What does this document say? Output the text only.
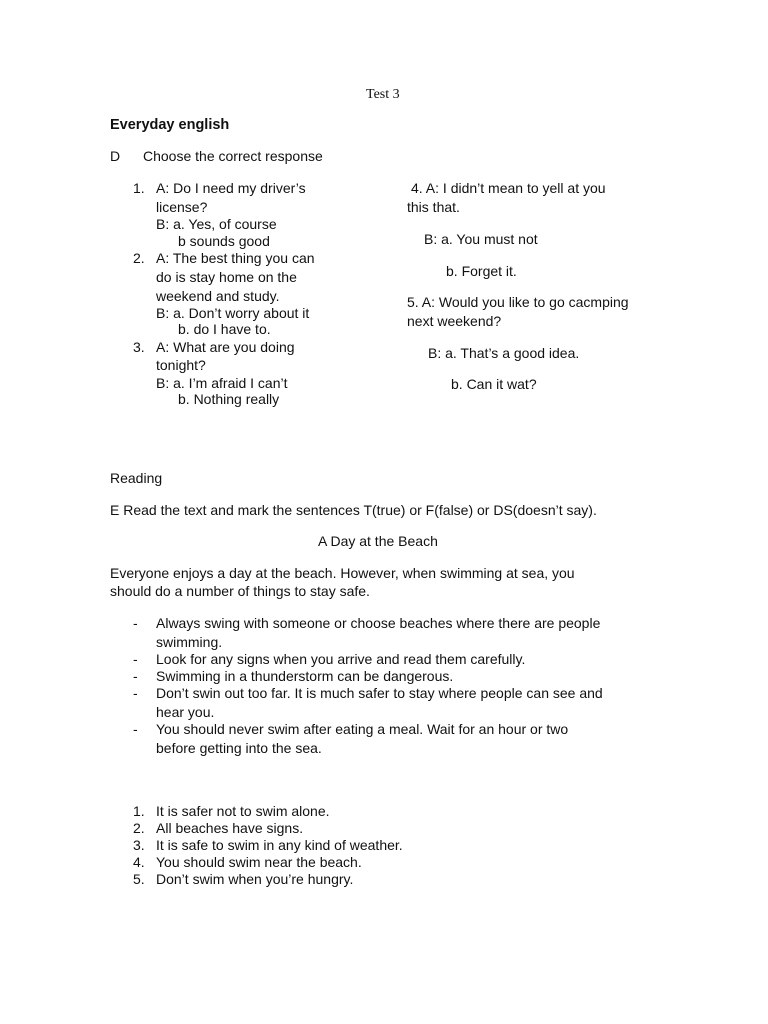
Test 3
Everyday english
D Choose the correct response
1. A: Do I need my driver’s
license?
B: a. Yes, of course
b sounds good
2. A: The best thing you can
do is stay home on the
weekend and study.
B: a. Don’t worry about it
b. do I have to.
3. A: What are you doing
tonight?
B: a. I’m afraid I can’t
b. Nothing really
4. A: I didn’t mean to yell at you
this that.
B: a. You must not
b. Forget it.
5. A: Would you like to go cacmping
next weekend?
B: a. That’s a good idea.
b. Can it wat?
Reading
E Read the text and mark the sentences T(true) or F(false) or DS(doesn’t say).
A Day at the Beach
Everyone enjoys a day at the beach. However, when swimming at sea, you
should do a number of things to stay safe.
- Always swing with someone or choose beaches where there are people
swimming.
- Look for any signs when you arrive and read them carefully.
- Swimming in a thunderstorm can be dangerous.
- Don’t swin out too far. It is much safer to stay where people can see and
hear you.
- You should never swim after eating a meal. Wait for an hour or two
before getting into the sea.
1. It is safer not to swim alone.
2. All beaches have signs.
3. It is safe to swim in any kind of weather.
4. You should swim near the beach.
5. Don’t swim when you’re hungry.
